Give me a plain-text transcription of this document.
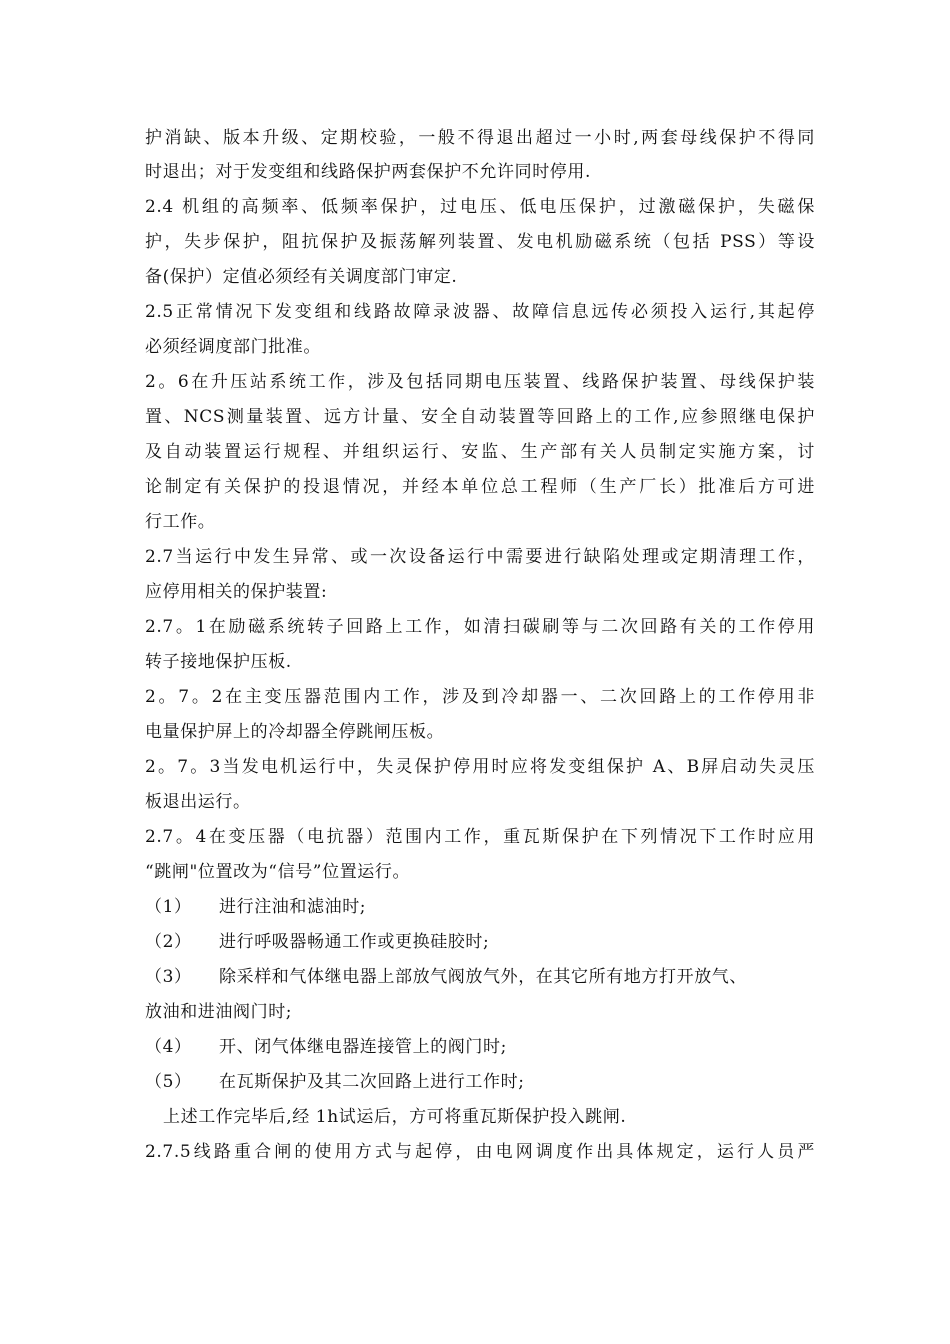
护消缺、版本升级、定期校验，一般不得退出超过一小时,两套母线保护不得同
时退出；对于发变组和线路保护两套保护不允许同时停用.
2.4 机组的高频率、低频率保护，过电压、低电压保护，过激磁保护，失磁保
护，失步保护，阻抗保护及振荡解列装置、发电机励磁系统（包括 PSS）等设
备(保护）定值必须经有关调度部门审定.
2.5正常情况下发变组和线路故障录波器、故障信息远传必须投入运行,其起停
必须经调度部门批准。
2。6在升压站系统工作，涉及包括同期电压装置、线路保护装置、母线保护装
置、NCS测量装置、远方计量、安全自动装置等回路上的工作,应参照继电保护
及自动装置运行规程、并组织运行、安监、生产部有关人员制定实施方案，讨
论制定有关保护的投退情况，并经本单位总工程师（生产厂长）批准后方可进
行工作。
2.7当运行中发生异常、或一次设备运行中需要进行缺陷处理或定期清理工作，
应停用相关的保护装置:
2.7。1在励磁系统转子回路上工作，如清扫碳刷等与二次回路有关的工作停用
转子接地保护压板.
2。7。2在主变压器范围内工作，涉及到冷却器一、二次回路上的工作停用非
电量保护屏上的冷却器全停跳闸压板。
2。7。3当发电机运行中，失灵保护停用时应将发变组保护 A、B屏启动失灵压
板退出运行。
2.7。4在变压器（电抗器）范围内工作，重瓦斯保护在下列情况下工作时应用
“跳闸"位置改为“信号”位置运行。
（1） 进行注油和滤油时;
（2） 进行呼吸器畅通工作或更换硅胶时;
（3） 除采样和气体继电器上部放气阀放气外，在其它所有地方打开放气、
放油和进油阀门时;
（4） 开、闭气体继电器连接管上的阀门时;
（5） 在瓦斯保护及其二次回路上进行工作时;
上述工作完毕后,经 1h试运后，方可将重瓦斯保护投入跳闸.
2.7.5线路重合闸的使用方式与起停，由电网调度作出具体规定，运行人员严
